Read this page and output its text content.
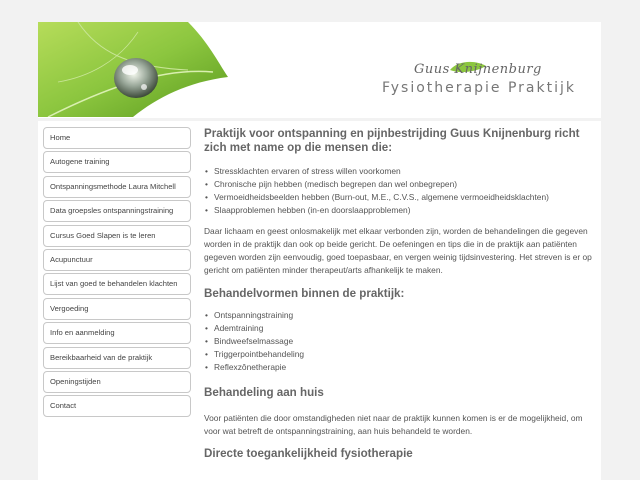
Guus Knijnenburg
Fysiotherapie Praktijk
Home
Autogene training
Ontspanningsmethode Laura Mitchell
Data groepsles ontspanningstraining
Cursus Goed Slapen is te leren
Acupunctuur
Lijst van goed te behandelen klachten
Vergoeding
Info en aanmelding
Bereikbaarheid van de praktijk
Openingstijden
Contact
Praktijk voor ontspanning en pijnbestrijding Guus Knijnenburg richt zich met name op die mensen die:
• Stressklachten ervaren of stress willen voorkomen
• Chronische pijn hebben (medisch begrepen dan wel onbegrepen)
• Vermoeidheidsbeelden hebben (Burn-out, M.E., C.V.S., algemene vermoeidheidsklachten)
• Slaapproblemen hebben (in-en doorslaapproblemen)

Daar lichaam en geest onlosmakelijk met elkaar verbonden zijn, worden de behandelingen die gegeven worden in de praktijk dan ook op beide gericht. De oefeningen en tips die in de praktijk aan patiënten gegeven worden zijn eenvoudig, goed toepasbaar, en vergen weinig tijdsinvestering. Het streven is er op gericht om patiënten minder therapeut/arts afhankelijk te maken.

Behandelvormen binnen de praktijk:
• Ontspanningstraining
• Ademtraining
• Bindweefselmassage
• Triggerpointbehandeling
• Reflexzônetherapie
Behandeling aan huis

Voor patiënten die door omstandigheden niet naar de praktijk kunnen komen is er de mogelijkheid, om voor wat betreft de ontspanningstraining, aan huis behandeld te worden.

Directe toegankelijkheid fysiotherapie
